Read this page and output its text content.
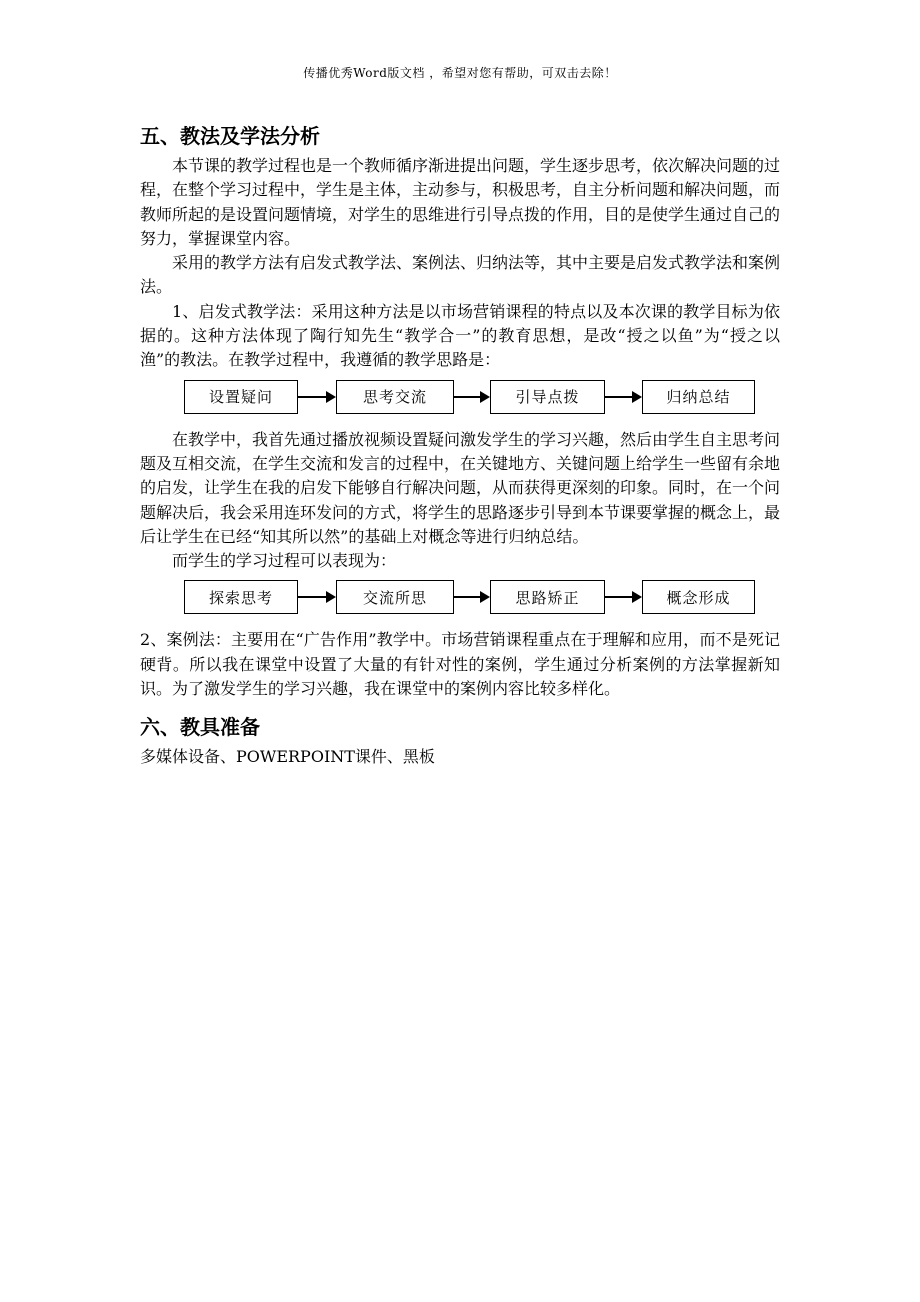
传播优秀Word版文档 ，希望对您有帮助，可双击去除！
五、教法及学法分析

本节课的教学过程也是一个教师循序渐进提出问题，学生逐步思考，依次解决问题的过程，在整个学习过程中，学生是主体，主动参与，积极思考，自主分析问题和解决问题，而教师所起的是设置问题情境，对学生的思维进行引导点拨的作用，目的是使学生通过自己的努力，掌握课堂内容。

采用的教学方法有启发式教学法、案例法、归纳法等，其中主要是启发式教学法和案例法。

1、启发式教学法：采用这种方法是以市场营销课程的特点以及本次课的教学目标为依据的。这种方法体现了陶行知先生“教学合一”的教育思想，是改“授之以鱼”为“授之以渔”的教法。在教学过程中，我遵循的教学思路是：

设置疑问	思考交流	引导点拨	归纳总结

在教学中，我首先通过播放视频设置疑问激发学生的学习兴趣，然后由学生自主思考问题及互相交流，在学生交流和发言的过程中，在关键地方、关键问题上给学生一些留有余地的启发，让学生在我的启发下能够自行解决问题，从而获得更深刻的印象。同时，在一个问题解决后，我会采用连环发问的方式，将学生的思路逐步引导到本节课要掌握的概念上，最后让学生在已经“知其所以然”的基础上对概念等进行归纳总结。

而学生的学习过程可以表现为：

探索思考	交流所思	思路矫正	概念形成

2、案例法：主要用在“广告作用”教学中。市场营销课程重点在于理解和应用，而不是死记硬背。所以我在课堂中设置了大量的有针对性的案例，学生通过分析案例的方法掌握新知识。为了激发学生的学习兴趣，我在课堂中的案例内容比较多样化。

六、教具准备

多媒体设备、POWERPOINT课件、黑板
